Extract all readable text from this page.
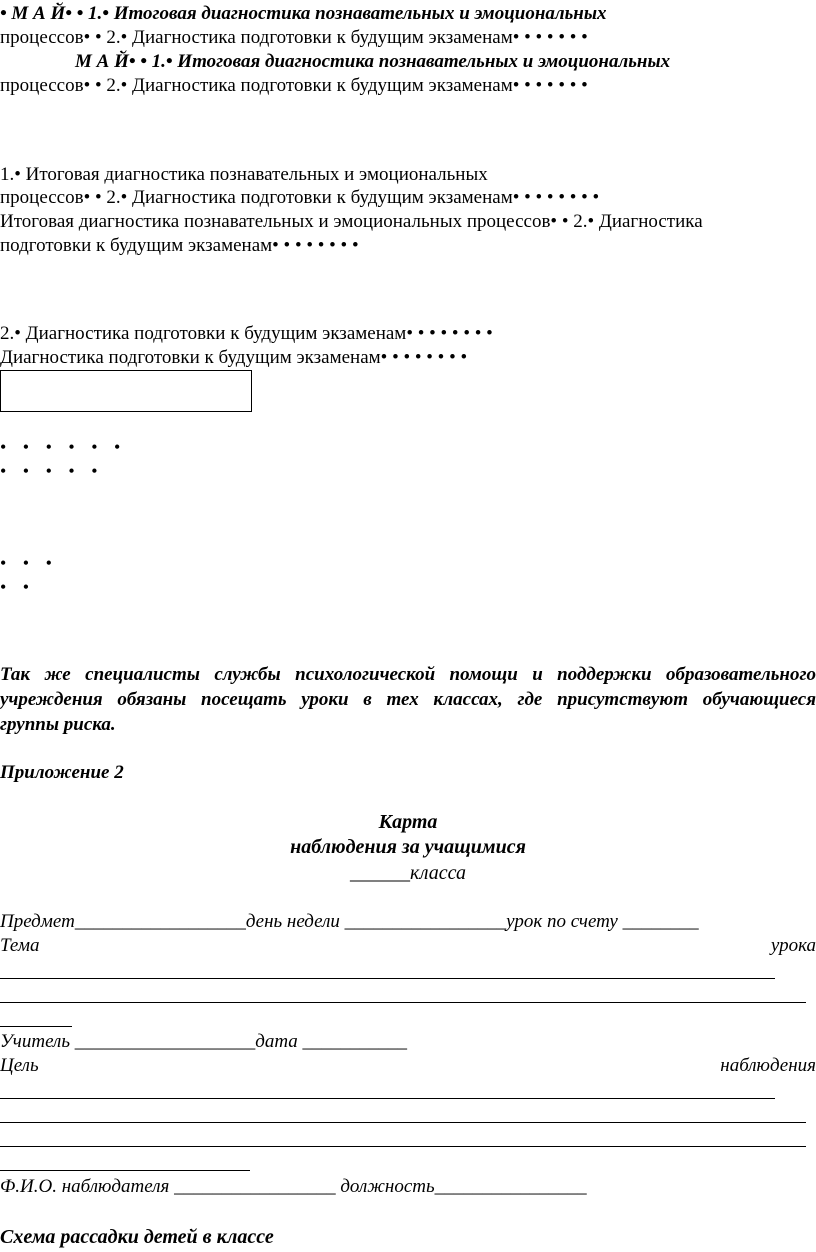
• М А Й• • 1.• Итоговая диагностика познавательных и эмоциональных
процессов• • 2.• Диагностика подготовки к будущим экзаменам• • • • • • •
М А Й• • 1.• Итоговая диагностика познавательных и эмоциональных
процессов• • 2.• Диагностика подготовки к будущим экзаменам• • • • • • •
1.• Итоговая диагностика познавательных и эмоциональных
процессов• • 2.• Диагностика подготовки к будущим экзаменам• • • • • • • •
Итоговая диагностика познавательных и эмоциональных процессов• • 2.• Диагностика
подготовки к будущим экзаменам• • • • • • • •
2.• Диагностика подготовки к будущим экзаменам• • • • • • • •
Диагностика подготовки к будущим экзаменам• • • • • • • •
• • • • • •
• • • • •
• • •
• •
Так же специалисты службы психологической помощи и поддержки образовательного
учреждения обязаны посещать уроки в тех классах, где присутствуют обучающиеся
группы риска.
Приложение 2
Карта
наблюдения за учащимися
______класса
Предмет__________________день недели _________________урок по счету ________
Тема	урока
Учитель ___________________дата ___________
Цель	наблюдения
Ф.И.О. наблюдателя _________________ должность________________
Схема рассадки детей в классе
